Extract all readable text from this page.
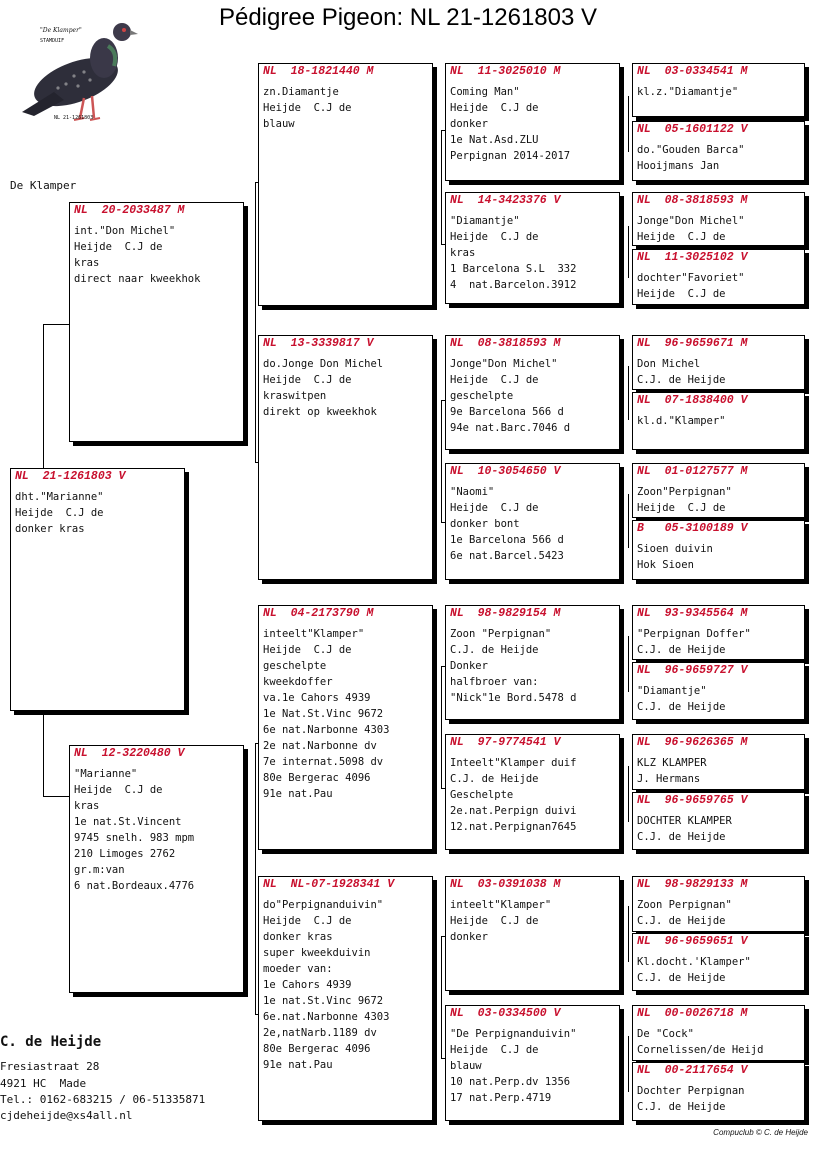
Pédigree Pigeon: NL 21-1261803 V
"De Klamper"
STAMDUIF
NL 21-1261803
De Klamper
NL  21-1261803 V
dht."Marianne"
Heijde  C.J de
donker kras
NL  20-2033487 M
int."Don Michel"
Heijde  C.J de
kras
direct naar kweekhok
NL  12-3220480 V
"Marianne"
Heijde  C.J de
kras
1e nat.St.Vincent
9745 snelh. 983 mpm
210 Limoges 2762
gr.m:van
6 nat.Bordeaux.4776
NL  18-1821440 M
zn.Diamantje
Heijde  C.J de
blauw
NL  13-3339817 V
do.Jonge Don Michel
Heijde  C.J de
kraswitpen
direkt op kweekhok
NL  04-2173790 M
inteelt"Klamper"
Heijde  C.J de
geschelpte
kweekdoffer
va.1e Cahors 4939
1e Nat.St.Vinc 9672
6e nat.Narbonne 4303
2e nat.Narbonne dv
7e internat.5098 dv
80e Bergerac 4096
91e nat.Pau
NL  NL-07-1928341 V
do"Perpignanduivin"
Heijde  C.J de
donker kras
super kweekduivin
moeder van:
1e Cahors 4939
1e nat.St.Vinc 9672
6e.nat.Narbonne 4303
2e,natNarb.1189 dv
80e Bergerac 4096
91e nat.Pau
NL  11-3025010 M
Coming Man"
Heijde  C.J de
donker
1e Nat.Asd.ZLU
Perpignan 2014-2017
NL  14-3423376 V
"Diamantje"
Heijde  C.J de
kras
1 Barcelona S.L  332
4  nat.Barcelon.3912
NL  08-3818593 M
Jonge"Don Michel"
Heijde  C.J de
geschelpte
9e Barcelona 566 d
94e nat.Barc.7046 d
NL  10-3054650 V
"Naomi"
Heijde  C.J de
donker bont
1e Barcelona 566 d
6e nat.Barcel.5423
NL  98-9829154 M
Zoon "Perpignan"
C.J. de Heijde
Donker
halfbroer van:
"Nick"1e Bord.5478 d
NL  97-9774541 V
Inteelt"Klamper duif
C.J. de Heijde
Geschelpte
2e.nat.Perpign duivi
12.nat.Perpignan7645
NL  03-0391038 M
inteelt"Klamper"
Heijde  C.J de
donker
NL  03-0334500 V
"De Perpignanduivin"
Heijde  C.J de
blauw
10 nat.Perp.dv 1356
17 nat.Perp.4719
NL  03-0334541 M
kl.z."Diamantje"
NL  05-1601122 V
do."Gouden Barca"
Hooijmans Jan
NL  08-3818593 M
Jonge"Don Michel"
Heijde  C.J de
NL  11-3025102 V
dochter"Favoriet"
Heijde  C.J de
NL  96-9659671 M
Don Michel
C.J. de Heijde
NL  07-1838400 V
kl.d."Klamper"
NL  01-0127577 M
Zoon"Perpignan"
Heijde  C.J de
B   05-3100189 V
Sioen duivin
Hok Sioen
NL  93-9345564 M
"Perpignan Doffer"
C.J. de Heijde
NL  96-9659727 V
"Diamantje"
C.J. de Heijde
NL  96-9626365 M
KLZ KLAMPER
J. Hermans
NL  96-9659765 V
DOCHTER KLAMPER
C.J. de Heijde
NL  98-9829133 M
Zoon Perpignan"
C.J. de Heijde
NL  96-9659651 V
Kl.docht.'Klamper"
C.J. de Heijde
NL  00-0026718 M
De "Cock"
Cornelissen/de Heijd
NL  00-2117654 V
Dochter Perpignan
C.J. de Heijde
C. de Heijde
Fresiastraat 28
4921 HC  Made
Tel.: 0162-683215 / 06-51335871
cjdeheijde@xs4all.nl
Compuclub © C. de Heijde
